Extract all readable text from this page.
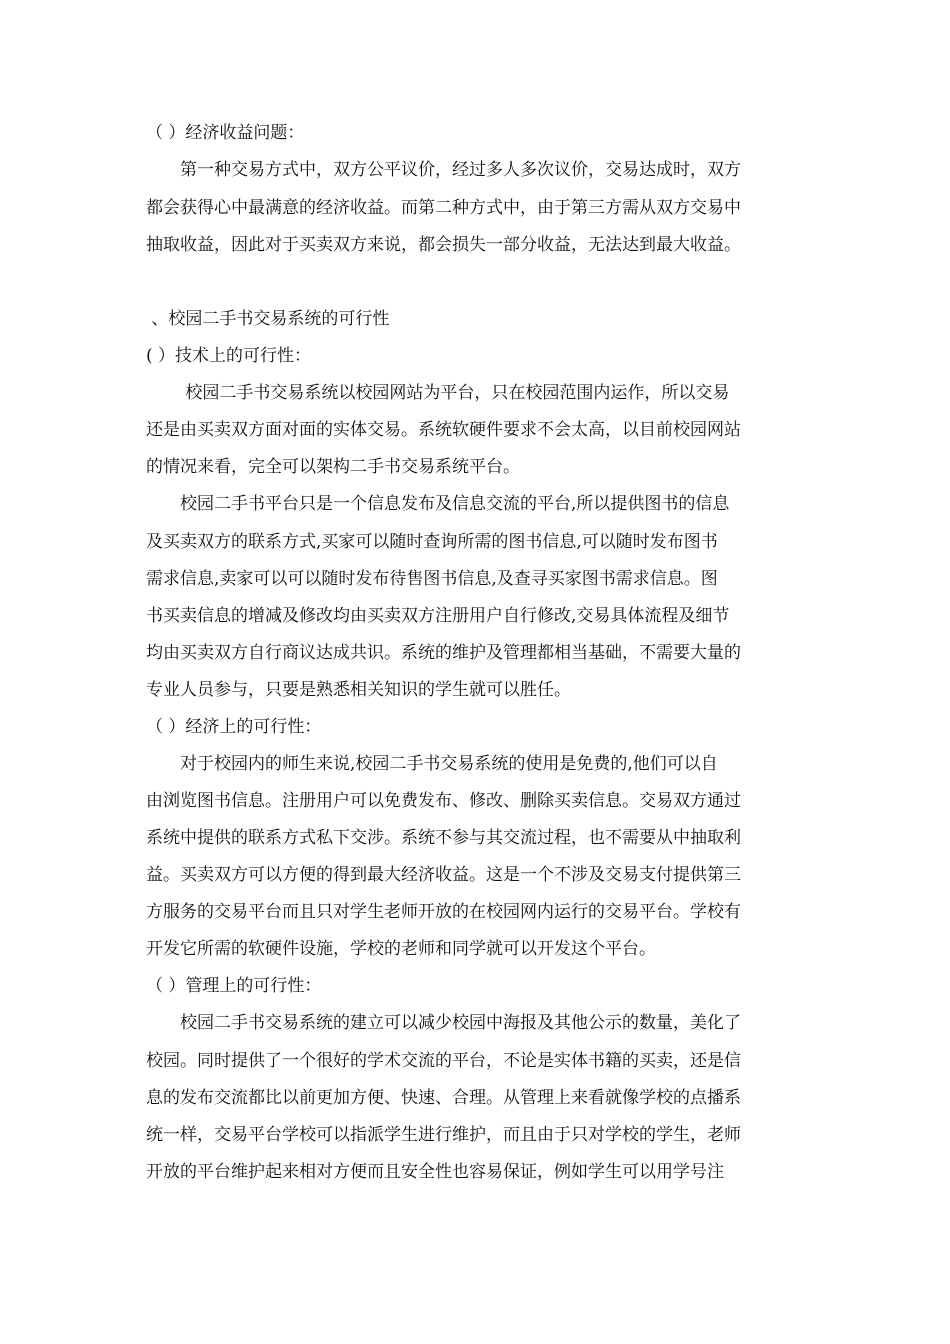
（ ）经济收益问题：
　　第一种交易方式中，双方公平议价，经过多人多次议价，交易达成时，双方
都会获得心中最满意的经济收益。而第二种方式中，由于第三方需从双方交易中
抽取收益，因此对于买卖双方来说，都会损失一部分收益，无法达到最大收益。
、校园二手书交易系统的可行性
( ）技术上的可行性：
　　 校园二手书交易系统以校园网站为平台，只在校园范围内运作，所以交易
还是由买卖双方面对面的实体交易。系统软硬件要求不会太高，以目前校园网站
的情况来看，完全可以架构二手书交易系统平台。
　　校园二手书平台只是一个信息发布及信息交流的平台,所以提供图书的信息
及买卖双方的联系方式,买家可以随时查询所需的图书信息,可以随时发布图书
需求信息,卖家可以可以随时发布待售图书信息,及查寻买家图书需求信息。图
书买卖信息的增减及修改均由买卖双方注册用户自行修改,交易具体流程及细节
均由买卖双方自行商议达成共识。系统的维护及管理都相当基础，不需要大量的
专业人员参与，只要是熟悉相关知识的学生就可以胜任。
（ ）经济上的可行性：
　　对于校园内的师生来说,校园二手书交易系统的使用是免费的,他们可以自
由浏览图书信息。注册用户可以免费发布、修改、删除买卖信息。交易双方通过
系统中提供的联系方式私下交涉。系统不参与其交流过程，也不需要从中抽取利
益。买卖双方可以方便的得到最大经济收益。这是一个不涉及交易支付提供第三
方服务的交易平台而且只对学生老师开放的在校园网内运行的交易平台。学校有
开发它所需的软硬件设施，学校的老师和同学就可以开发这个平台。
（ ）管理上的可行性：
　　校园二手书交易系统的建立可以减少校园中海报及其他公示的数量，美化了
校园。同时提供了一个很好的学术交流的平台，不论是实体书籍的买卖，还是信
息的发布交流都比以前更加方便、快速、合理。从管理上来看就像学校的点播系
统一样，交易平台学校可以指派学生进行维护，而且由于只对学校的学生，老师
开放的平台维护起来相对方便而且安全性也容易保证，例如学生可以用学号注
